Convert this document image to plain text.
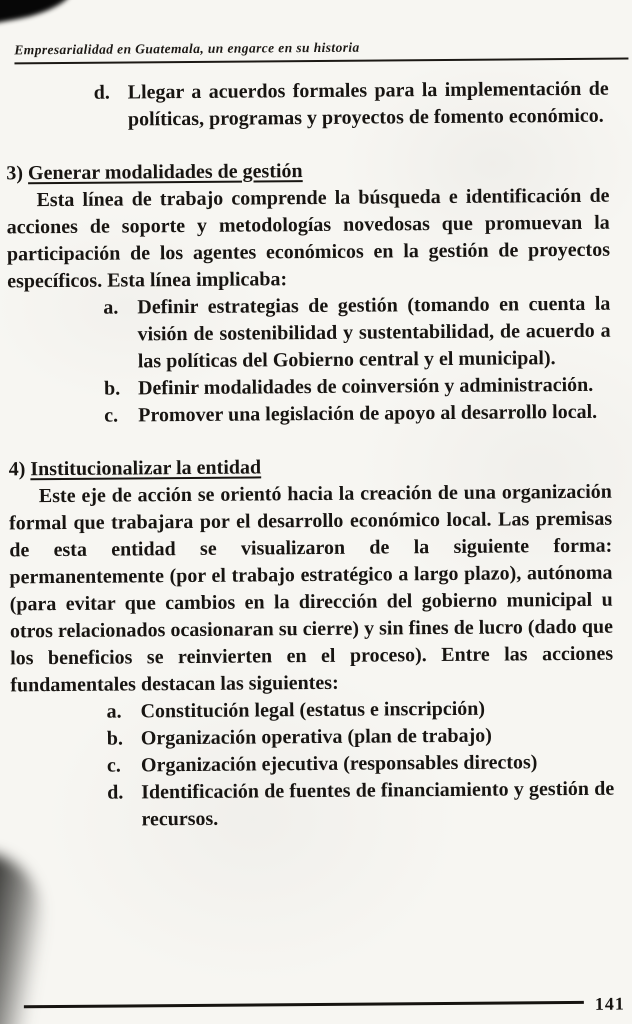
Empresarialidad en Guatemala, un engarce en su historia
d. Llegar a acuerdos formales para la implementación de políticas, programas y proyectos de fomento económico.
3) Generar modalidades de gestión

Esta línea de trabajo comprende la búsqueda e identificación de acciones de soporte y metodologías novedosas que promuevan la participación de los agentes económicos en la gestión de proyectos específicos. Esta línea implicaba:

a. Definir estrategias de gestión (tomando en cuenta la visión de sostenibilidad y sustentabilidad, de acuerdo a las políticas del Gobierno central y el municipal).
b. Definir modalidades de coinversión y administración.
c. Promover una legislación de apoyo al desarrollo local.
4) Institucionalizar la entidad

Este eje de acción se orientó hacia la creación de una organización formal que trabajara por el desarrollo económico local. Las premisas de esta entidad se visualizaron de la siguiente forma: permanentemente (por el trabajo estratégico a largo plazo), autónoma (para evitar que cambios en la dirección del gobierno municipal u otros relacionados ocasionaran su cierre) y sin fines de lucro (dado que los beneficios se reinvierten en el proceso). Entre las acciones fundamentales destacan las siguientes:

a. Constitución legal (estatus e inscripción)
b. Organización operativa (plan de trabajo)
c. Organización ejecutiva (responsables directos)
d. Identificación de fuentes de financiamiento y gestión de recursos.
141
